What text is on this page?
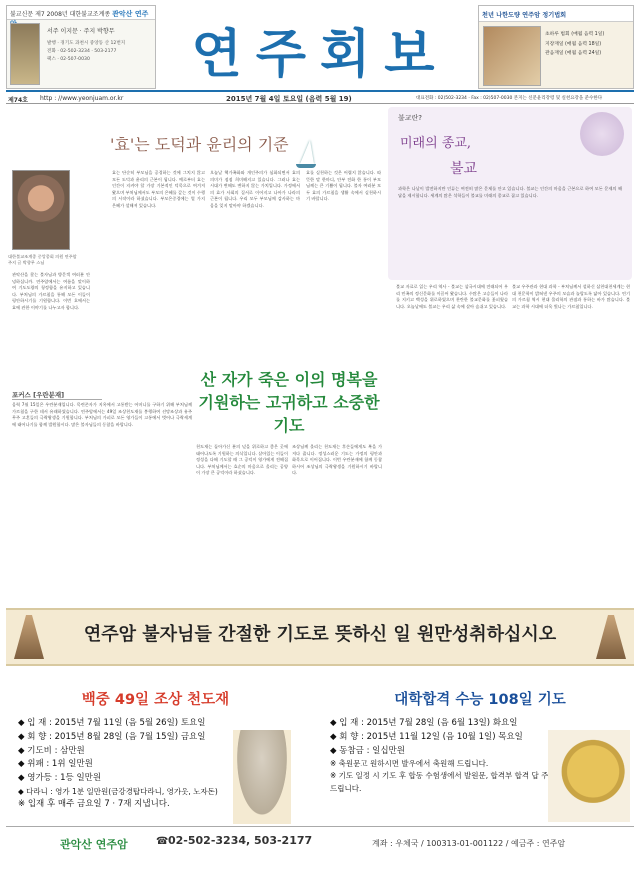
불교신문 제7 2008년 대한불교조계종 관악산 연주
서주 이지문 · 주지 박향무
발행 · 경기도 과천시 중앙동 산 12번지
전화 · 02-502-3234 · 503-2177
팩스 · 02-507-0030	연주회보
천년 나한도량 연주암 정기법회
초하루 법회 (매월 음력 1일)
지장재일 (매월 음력 18일)
관음재일 (매월 음력 24일)
제74호 http : //www.yeonjuam.or.kr	2015년 7월 4일 토요일 (음력 5월 19)	대표전화 : 02)502-3234 · Fax : 02)507-0030 본지는 신문윤리강령 및 실천요강을 준수한다
'효'는 도덕과 윤리의 기준
대한불교조계종 중앙종회 의원 연주암 주지 글 박향무 스님
관악산을 찾는 불자님과 방문객 여러분 안녕하십니까. 연주암에서는 여름을 맞이하여 기도도량의 청정함을 유지하고 있습니다. 부처님의 가르침을 통해 모든 이들이 평안하시기를 기원합니다. 이번 호에서는 효에 관한 이야기를 나누고자 합니다.
효는 단순히 부모님을 공경하는 것에 그치지 않고 모든 도덕과 윤리의 근본이 됩니다. 예로부터 효는 인간이 지켜야 할 가장 기본적인 덕목으로 여겨져 왔으며 부처님께서도 부모의 은혜를 갚는 것이 수행의 시작이라 하셨습니다. 부모은중경에는 열 가지 은혜가 설해져 있습니다.
오늘날 핵가족화와 개인주의가 심화되면서 효의 의미가 점점 희미해지고 있습니다. 그러나 효는 시대가 변해도 변하지 않는 가치입니다. 가정에서의 효가 사회의 질서로 이어지고 나아가 나라의 근본이 됩니다. 우리 모두 부모님께 감사하는 마음을 잊지 말아야 하겠습니다.
효를 실천하는 것은 어렵지 않습니다. 따뜻한 말 한마디, 안부 전화 한 통이 부모님께는 큰 기쁨이 됩니다. 불자 여러분 모두 효의 가르침을 생활 속에서 실천하시기 바랍니다.
불교란?
미래의 종교,
불교
과학은 나날이 발전하지만 인류는 여전히 많은 문제를 안고 있습니다. 불교는 인간의 마음을 근본으로 하여 모든 문제의 해답을 제시합니다. 세계의 많은 석학들이 불교를 미래의 종교로 꼽고 있습니다.
포커스 [우란분재]
음력 7월 15일은 우란분재입니다. 목련존자가 지옥에서 고통받는 어머니를 구하기 위해 부처님께 가르침을 구한 데서 유래하였습니다. 연주암에서는 49일 조상천도재를 봉행하여 선망조상과 유주무주 고혼들의 극락왕생을 기원합니다. 부처님의 가피로 모든 영가들이 고통에서 벗어나 극락세계에 태어나기를 함께 발원합시다. 많은 불자님들의 동참을 바랍니다.
산 자가 죽은 이의 명복을
기원하는 고귀하고 소중한 기도
천도재는 돌아가신 분의 넋을 위로하고 좋은 곳에 태어나도록 기원하는 의식입니다. 살아있는 이들이 정성을 다해 기도할 때 그 공덕이 영가에게 전해집니다. 부처님께서는 효순의 마음으로 올리는 공양이 가장 큰 공덕이라 하셨습니다.
조상님께 올리는 천도재는 후손들에게도 복을 가져다 줍니다. 정성스러운 기도는 가정의 평안과 화목으로 이어집니다. 이번 우란분재에 함께 동참하시어 조상님의 극락왕생을 기원하시기 바랍니다.
불교 자료로 읽는 우리 역사 - 불교는 삼국시대에 전래되어 우리 민족의 정신문화를 이끌어 왔습니다. 수많은 고승들이 나라를 지키고 백성을 위로하였으며 찬란한 불교문화를 꽃피웠습니다. 오늘날에도 불교는 우리 삶 속에 살아 숨쉬고 있습니다.
불교 우주관과 현대 과학 - 부처님께서 설하신 삼천대천세계는 현대 천문학이 밝혀낸 우주의 모습과 놀랍도록 닮아 있습니다. 연기의 가르침 역시 현대 물리학의 관점과 통하는 바가 많습니다. 불교는 과학 시대에 더욱 빛나는 가르침입니다.
연주암 불자님들 간절한 기도로 뜻하신 일 원만성취하십시오
백중 49일 조상 천도재
◆ 입 재 : 2015년 7월 11일 (음 5월 26일) 토요일
◆ 회 향 : 2015년 8월 28일 (음 7월 15일) 금요일
◆ 기도비 : 삼만원
◆ 위패 : 1위 일만원
◆ 영가등 : 1등 일만원
◆ 다라니 : 영가 1분 일만원(금강경탑다라니, 영가옷, 노자돈)
※ 입재 후 매주 금요일 7 · 7재 지냅니다.
대학합격 수능 108일 기도
◆ 입 재 : 2015년 7월 28일 (음 6월 13일) 화요일
◆ 회 향 : 2015년 11월 12일 (음 10월 1일) 목요일
◆ 동참금 : 일십만원
※ 축원문고 원하시면 발우에서 축원해 드립니다.
※ 기도 일정 시 기도 후 합동 수험생에서 발원문, 합격부 합격 답 주 드립니다.
관악산 연주암	☎ 02-502-3234, 503-2177	계좌 : 우체국 / 100313-01-001122 / 예금주 : 연주암
